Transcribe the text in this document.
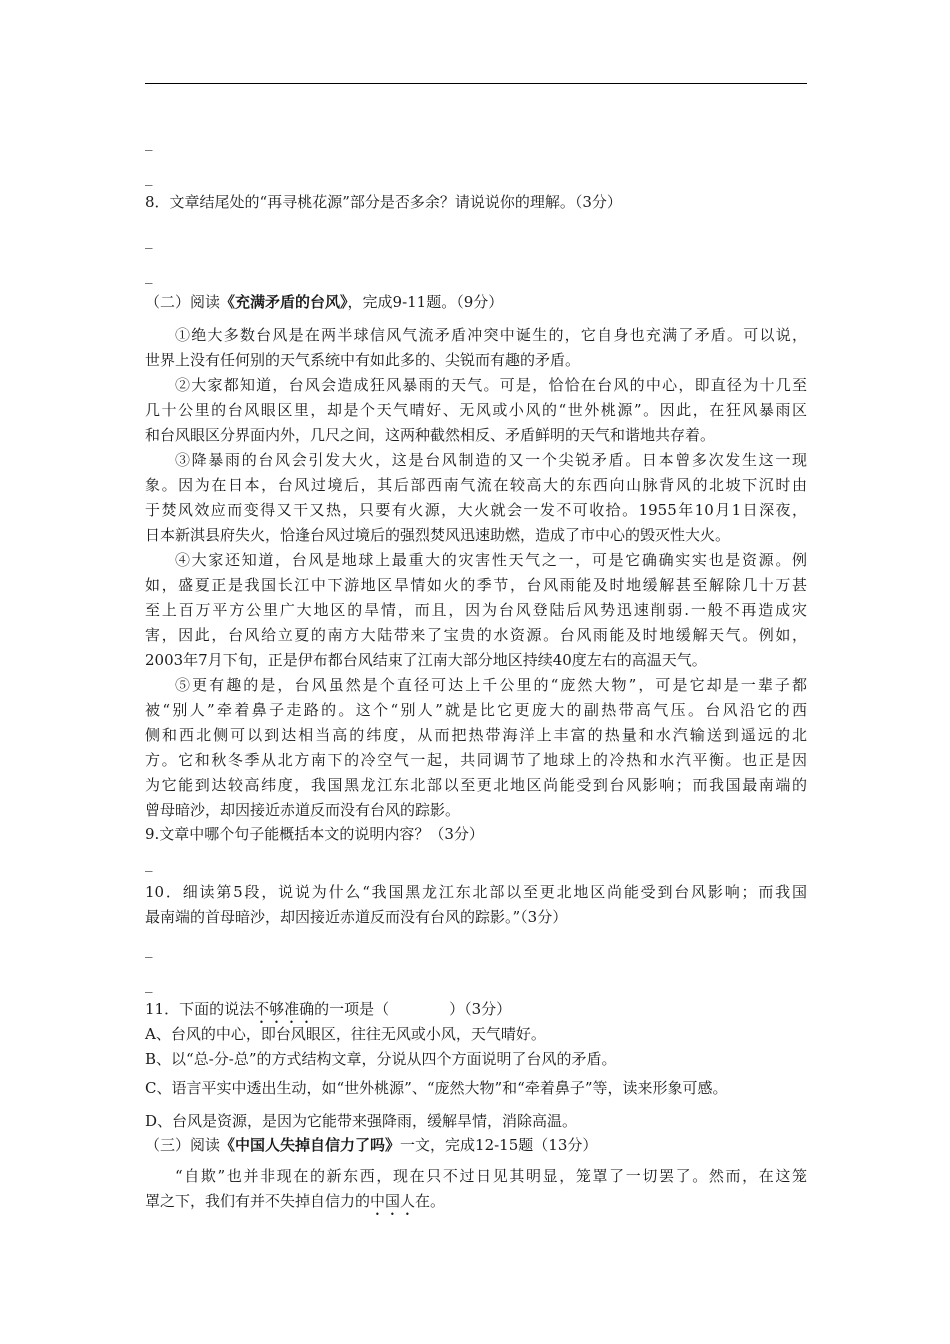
_
_
8．文章结尾处的“再寻桃花源”部分是否多余？请说说你的理解。（3分）
_
_
（二）阅读《充满矛盾的台风》，完成9-11题。（9分）
①绝大多数台风是在两半球信风气流矛盾冲突中诞生的，它自身也充满了矛盾。可以说，
世界上没有任何别的天气系统中有如此多的、尖锐而有趣的矛盾。
②大家都知道，台风会造成狂风暴雨的天气。可是，恰恰在台风的中心，即直径为十几至
几十公里的台风眼区里，却是个天气晴好、无风或小风的“世外桃源”。因此，在狂风暴雨区
和台风眼区分界面内外，几尺之间，这两种截然相反、矛盾鲜明的天气和谐地共存着。
③降暴雨的台风会引发大火，这是台风制造的又一个尖锐矛盾。日本曾多次发生这一现
象。因为在日本，台风过境后，其后部西南气流在较高大的东西向山脉背风的北坡下沉时由
于焚风效应而变得又干又热，只要有火源，大火就会一发不可收拾。1955年10月1日深夜，
日本新淇县府失火，恰逢台风过境后的强烈焚风迅速助燃，造成了市中心的毁灭性大火。
④大家还知道，台风是地球上最重大的灾害性天气之一，可是它确确实实也是资源。例
如，盛夏正是我国长江中下游地区旱情如火的季节，台风雨能及时地缓解甚至解除几十万甚
至上百万平方公里广大地区的旱情，而且，因为台风登陆后风势迅速削弱.一般不再造成灾
害，因此，台风给立夏的南方大陆带来了宝贵的水资源。台风雨能及时地缓解天气。例如，
2003年7月下旬，正是伊布都台风结束了江南大部分地区持续40度左右的高温天气。
⑤更有趣的是，台风虽然是个直径可达上千公里的“庞然大物”，可是它却是一辈子都
被“别人”牵着鼻子走路的。这个“别人”就是比它更庞大的副热带高气压。台风沿它的西
侧和西北侧可以到达相当高的纬度，从而把热带海洋上丰富的热量和水汽输送到遥远的北
方。它和秋冬季从北方南下的冷空气一起，共同调节了地球上的冷热和水汽平衡。也正是因
为它能到达较高纬度，我国黑龙江东北部以至更北地区尚能受到台风影响；而我国最南端的
曾母暗沙，却因接近赤道反而没有台风的踪影。
9.文章中哪个句子能概括本文的说明内容？（3分）
_
10．细读第5段，说说为什么“我国黑龙江东北部以至更北地区尚能受到台风影响；而我国
最南端的首母暗沙，却因接近赤道反而没有台风的踪影。”（3分）
_
_
11．下面的说法不够准确的一项是（　　　　）（3分）
A、台风的中心，即台风眼区，往往无风或小风，天气晴好。
B、以“总-分-总”的方式结构文章，分说从四个方面说明了台风的矛盾。
C、语言平实中透出生动，如“世外桃源”、“庞然大物”和“牵着鼻子”等，读来形象可感。
D、台风是资源，是因为它能带来强降雨，缓解旱情，消除高温。
（三）阅读《中国人失掉自信力了吗》一文，完成12-15题（13分）
“自欺”也并非现在的新东西，现在只不过日见其明显，笼罩了一切罢了。然而，在这笼
罩之下，我们有并不失掉自信力的中国人在。
